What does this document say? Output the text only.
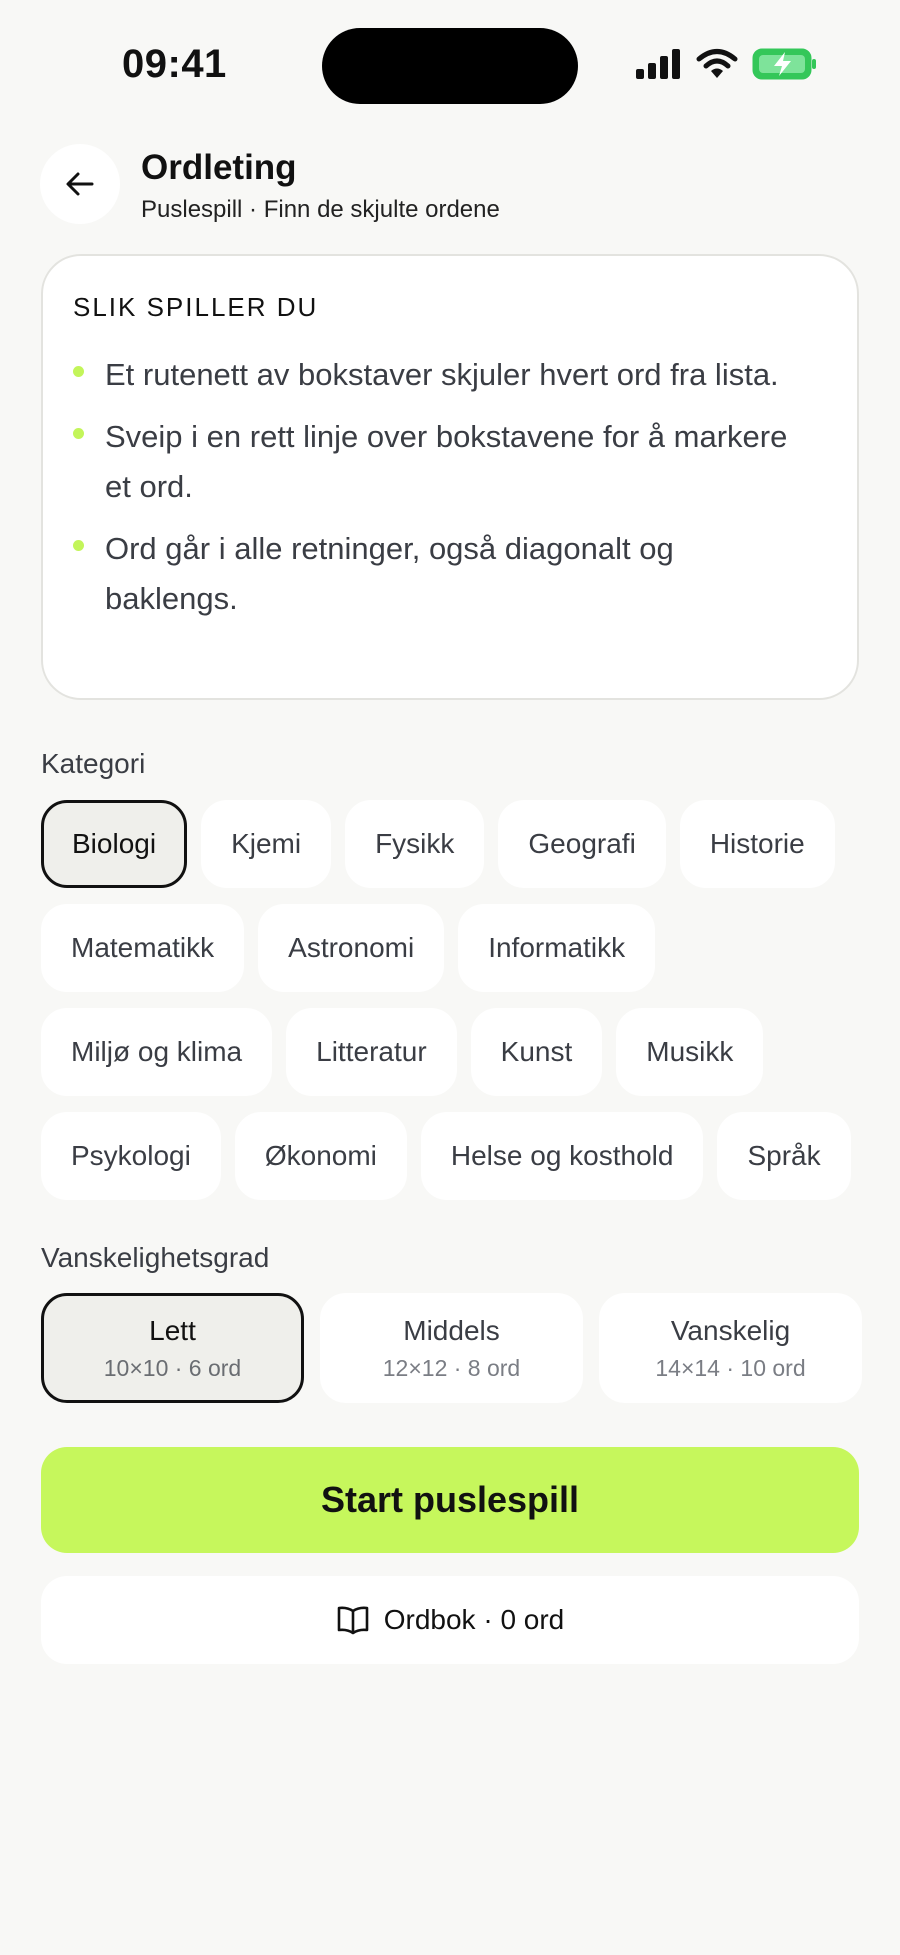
09:41
Ordleting
Puslespill · Finn de skjulte ordene
SLIK SPILLER DU
Et rutenett av bokstaver skjuler hvert ord fra lista.
Sveip i en rett linje over bokstavene for å markere et ord.
Ord går i alle retninger, også diagonalt og baklengs.
Kategori
Biologi	Kjemi	Fysikk	Geografi	Historie
Matematikk	Astronomi	Informatikk
Miljø og klima	Litteratur	Kunst	Musikk
Psykologi	Økonomi	Helse og kosthold	Språk
Vanskelighetsgrad
Lett
10×10 · 6 ord
Middels
12×12 · 8 ord
Vanskelig
14×14 · 10 ord
Start puslespill
Ordbok · 0 ord
